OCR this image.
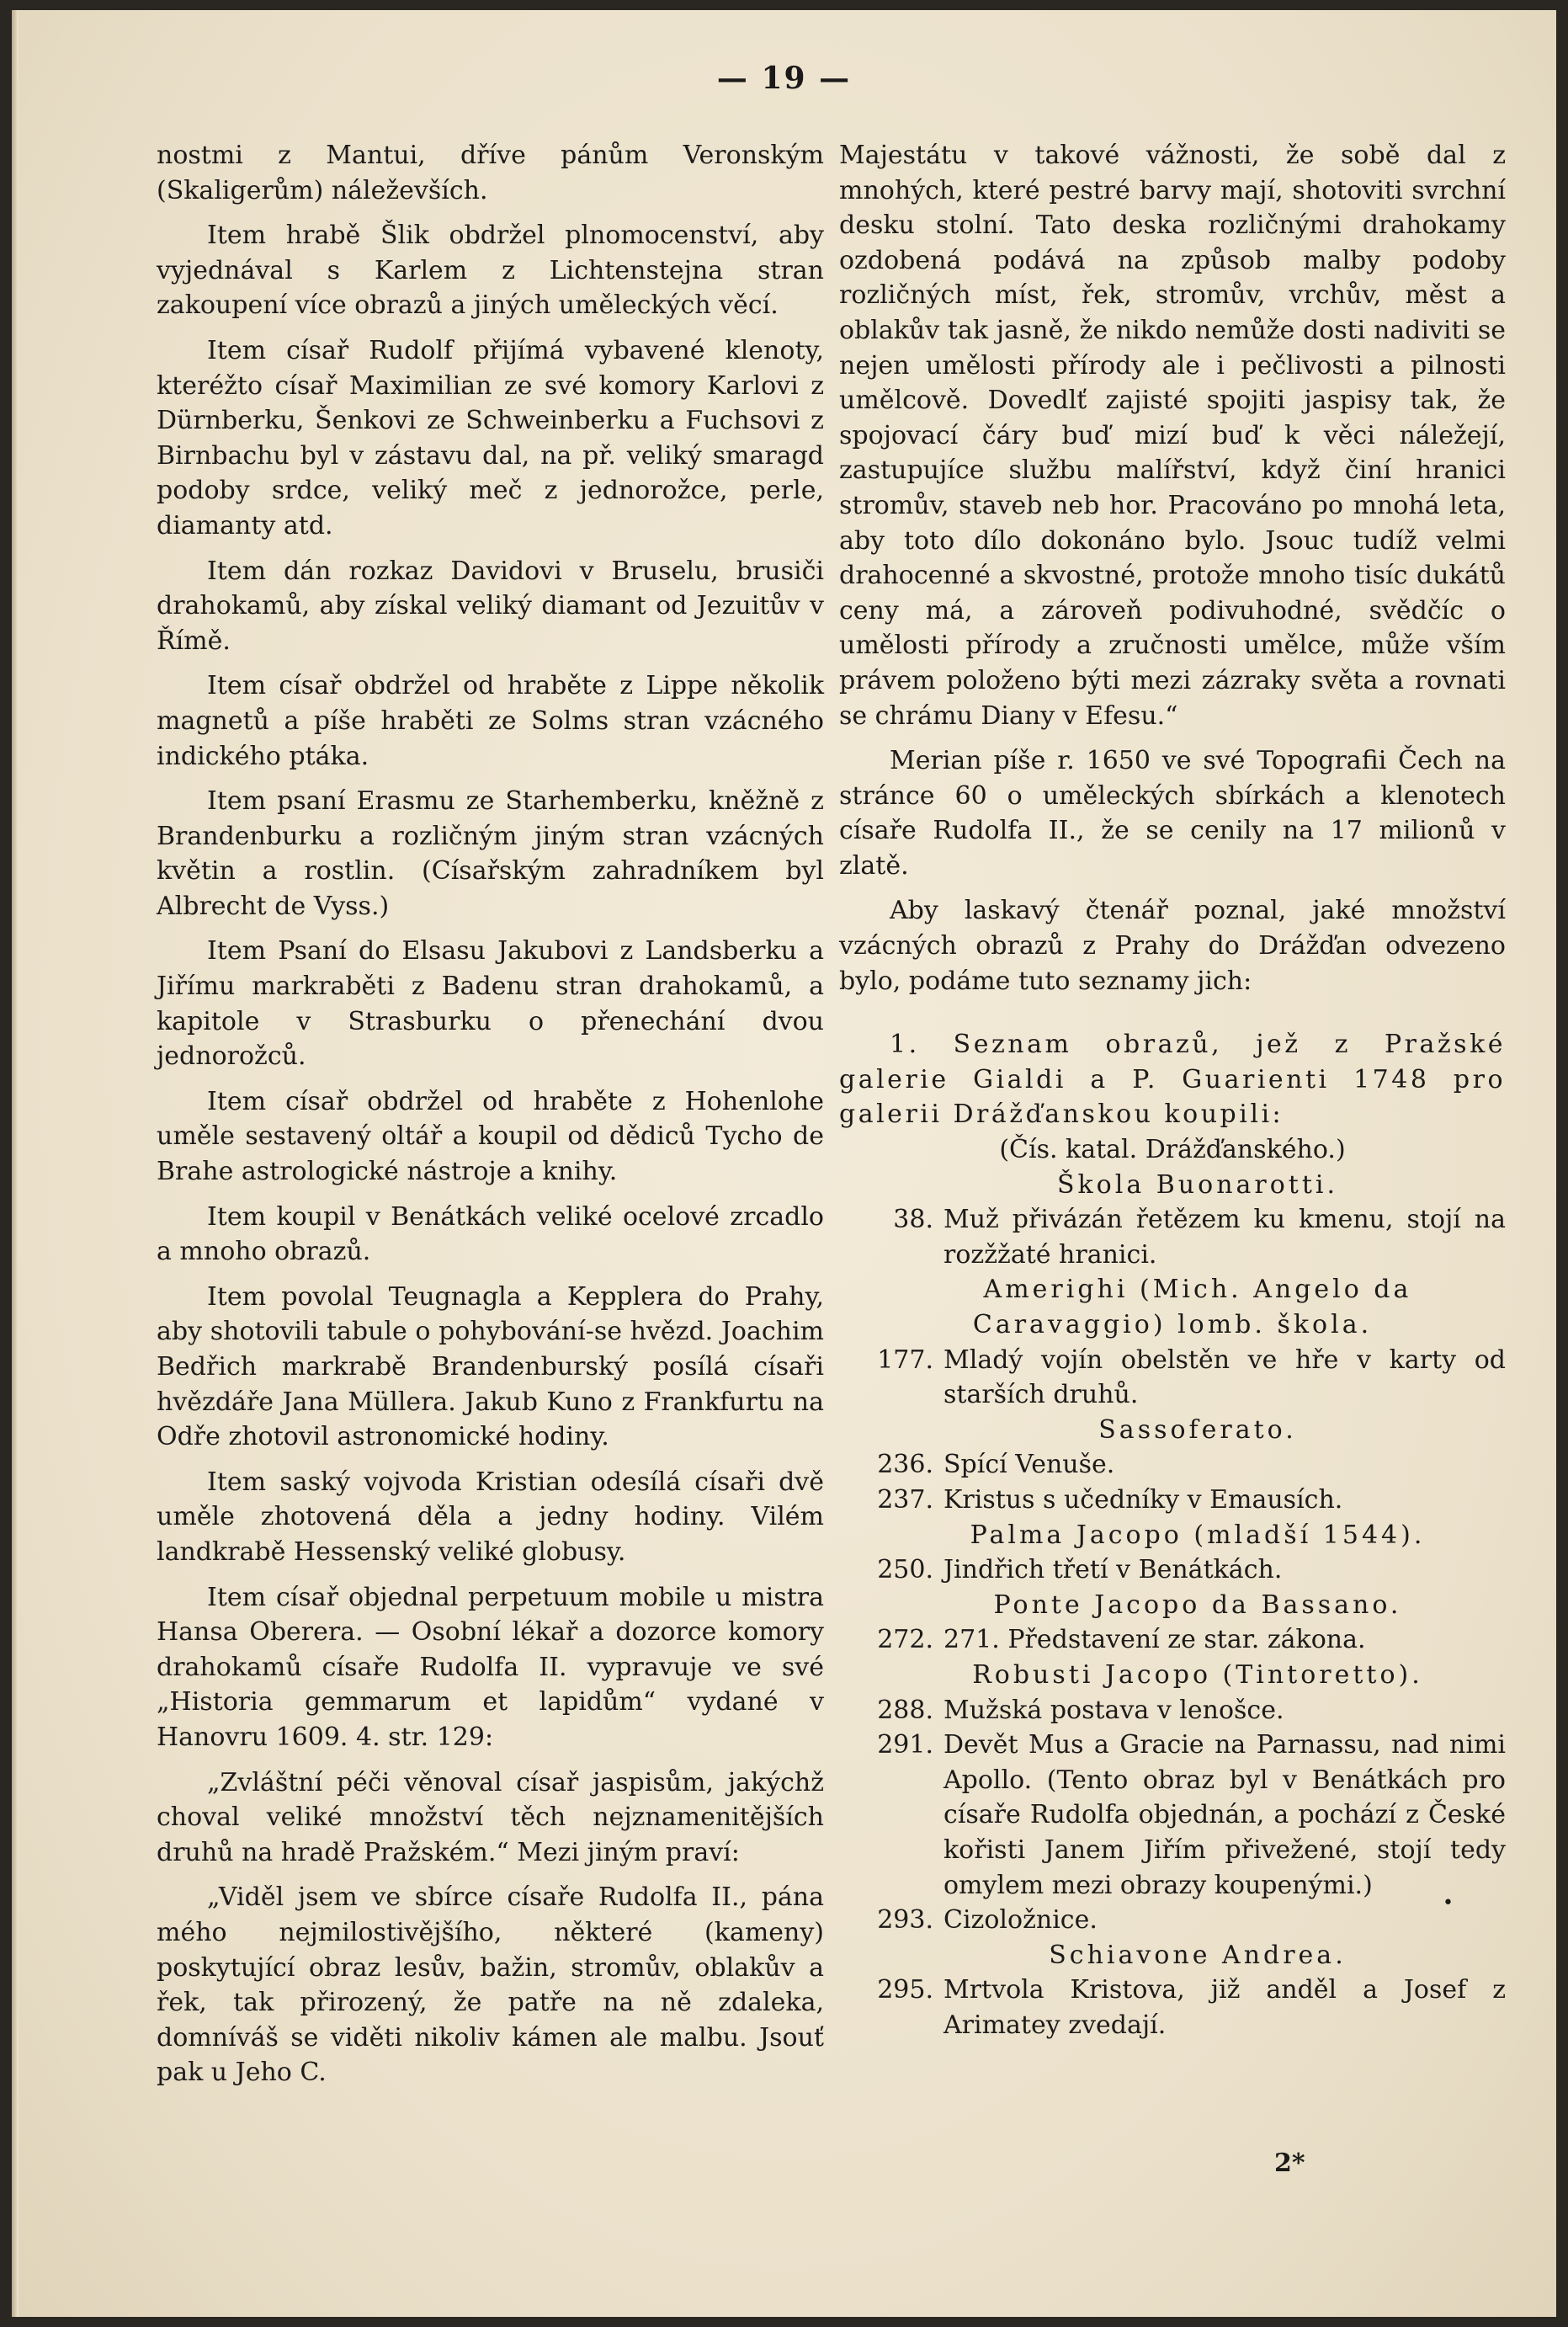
— 19 —

nostmi z Mantui, dříve pánům Veronským (Skaligerům) náleževších.

Item hrabě Šlik obdržel plnomocenství, aby vyjednával s Karlem z Lichtenstejna stran zakoupení více obrazů a jiných uměleckých věcí.

Item císař Rudolf přijímá vybavené klenoty, kteréžto císař Maximilian ze své komory Karlovi z Dürnberku, Šenkovi ze Schweinberku a Fuchsovi z Birnbachu byl v zástavu dal, na př. veliký smaragd podoby srdce, veliký meč z jednorožce, perle, diamanty atd.

Item dán rozkaz Davidovi v Bruselu, brusiči drahokamů, aby získal veliký diamant od Jezuitův v Římě.

Item císař obdržel od hraběte z Lippe několik magnetů a píše hraběti ze Solms stran vzácného indického ptáka.

Item psaní Erasmu ze Starhemberku, kněžně z Brandenburku a rozličným jiným stran vzácných květin a rostlin. (Císařským zahradníkem byl Albrecht de Vyss.)

Item Psaní do Elsasu Jakubovi z Landsberku a Jiřímu markraběti z Badenu stran drahokamů, a kapitole v Strasburku o přenechání dvou jednorožců.

Item císař obdržel od hraběte z Hohenlohe uměle sestavený oltář a koupil od dědiců Tycho de Brahe astrologické nástroje a knihy.

Item koupil v Benátkách veliké ocelové zrcadlo a mnoho obrazů.

Item povolal Teugnagla a Kepplera do Prahy, aby shotovili tabule o pohybování-se hvězd. Joachim Bedřich markrabě Brandenburský posílá císaři hvězdáře Jana Müllera. Jakub Kuno z Frankfurtu na Odře zhotovil astronomické hodiny.

Item saský vojvoda Kristian odesílá císaři dvě uměle zhotovená děla a jedny hodiny. Vilém landkrabě Hessenský veliké globusy.

Item císař objednal perpetuum mobile u mistra Hansa Oberera. — Osobní lékař a dozorce komory drahokamů císaře Rudolfa II. vypravuje ve své „Historia gemmarum et lapidům“ vydané v Hanovru 1609. 4. str. 129:

„Zvláštní péči věnoval císař jaspisům, jakýchž choval veliké množství těch nejznamenitějších druhů na hradě Pražském.“ Mezi jiným praví:

„Viděl jsem ve sbírce císaře Rudolfa II., pána mého nejmilostivějšího, některé (kameny) poskytující obraz lesův, bažin, stromův, oblakův a řek, tak přirozený, že patře na ně zdaleka, domníváš se viděti nikoliv kámen ale malbu. Jsouť pak u Jeho C.

Majestátu v takové vážnosti, že sobě dal z mnohých, které pestré barvy mají, shotoviti svrchní desku stolní. Tato deska rozličnými drahokamy ozdobená podává na způsob malby podoby rozličných míst, řek, stromův, vrchův, měst a oblakův tak jasně, že nikdo nemůže dosti nadiviti se nejen umělosti přírody ale i pečlivosti a pilnosti umělcově. Dovedlť zajisté spojiti jaspisy tak, že spojovací čáry buď mizí buď k věci náležejí, zastupujíce službu malířství, když činí hranici stromův, staveb neb hor. Pracováno po mnohá leta, aby toto dílo dokonáno bylo. Jsouc tudíž velmi drahocenné a skvostné, protože mnoho tisíc dukátů ceny má, a zároveň podivuhodné, svědčíc o umělosti přírody a zručnosti umělce, může vším právem položeno býti mezi zázraky světa a rovnati se chrámu Diany v Efesu.“

Merian píše r. 1650 ve své Topografii Čech na stránce 60 o uměleckých sbírkách a klenotech císaře Rudolfa II., že se cenily na 17 milionů v zlatě.

Aby laskavý čtenář poznal, jaké množství vzácných obrazů z Prahy do Drážďan odvezeno bylo, podáme tuto seznamy jich:

1. Seznam obrazů, jež z Pražské galerie Gialdi a P. Guarienti 1748 pro galerii Drážďanskou koupili:

(Čís. katal. Drážďanského.)

Škola Buonarotti.

38. Muž přivázán řetězem ku kmenu, stojí na rozžžaté hranici.

Amerighi (Mich. Angelo da Caravaggio) lomb. škola.

177. Mladý vojín obelstěn ve hře v karty od starších druhů.

Sassoferato.

236. Spící Venuše.
237. Kristus s učedníky v Emausích.

Palma Jacopo (mladší 1544).

250. Jindřich třetí v Benátkách.

Ponte Jacopo da Bassano.

272. 271. Představení ze star. zákona.

Robusti Jacopo (Tintoretto).

288. Mužská postava v lenošce.
291. Devět Mus a Gracie na Parnassu, nad nimi Apollo. (Tento obraz byl v Benátkách pro císaře Rudolfa objednán, a pochází z České kořisti Janem Jiřím přivežené, stojí tedy omylem mezi obrazy koupenými.)
293. Cizoložnice.

Schiavone Andrea.

295. Mrtvola Kristova, již anděl a Josef z Arimatey zvedají.
•
2*
